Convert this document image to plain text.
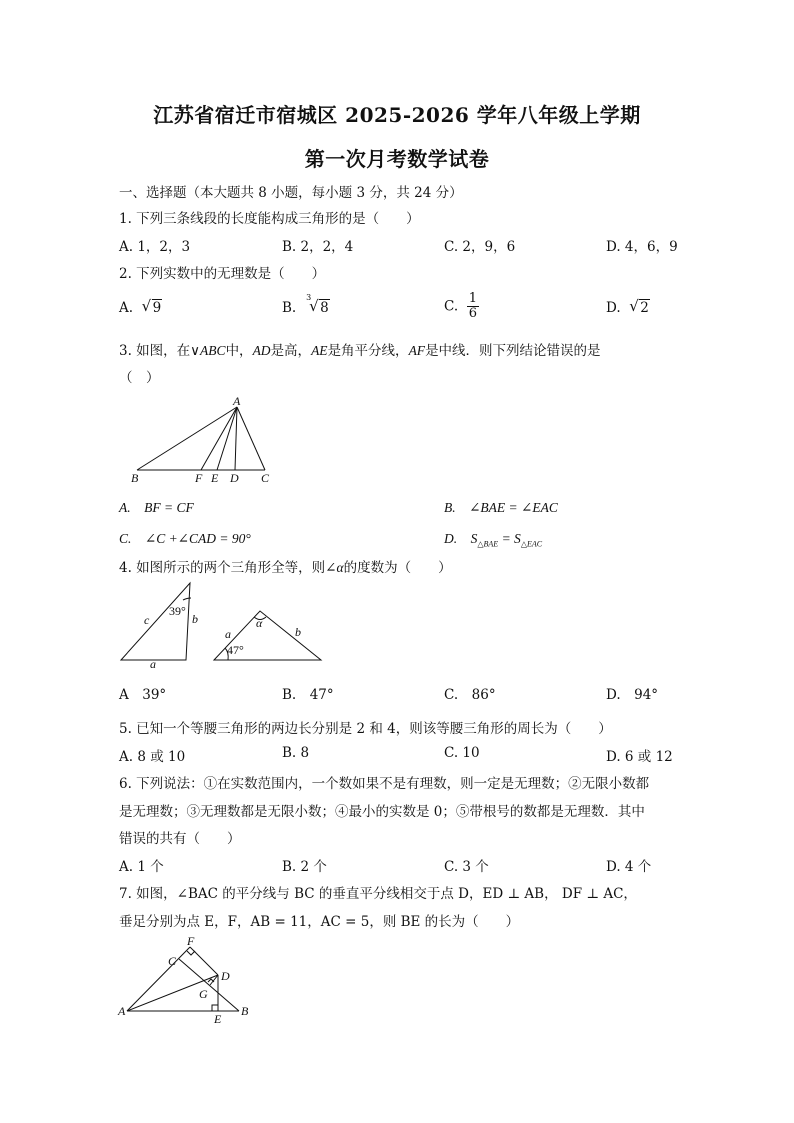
江苏省宿迁市宿城区 2025-2026 学年八年级上学期
第一次月考数学试卷
一、选择题（本大题共 8 小题，每小题 3 分，共 24 分）
1. 下列三条线段的长度能构成三角形的是（　　）
A. 1，2，3	B. 2，2，4	C. 2，9，6	D. 4，6，9
2. 下列实数中的无理数是（　　）
A. √ 9	B.
3
√ 8	C. $\frac{1}{6}$	D. √ 2
3. 如图，在∨ABC中，AD是高，AE是角平分线，AF是中线．则下列结论错误的是
（　）
A
B	F E D C
A.　BF = CF	B.　∠BAE = ∠EAC
C.　∠C +∠CAD = 90°	D.　$S_{\triangle BAE} = S_{\triangle EAC}$
4. 如图所示的两个三角形全等，则∠α的度数为（　　）
c
39°
b
a
a
α
b
47°
A　39°	B.　47°	C.　86°	D.　94°
5. 已知一个等腰三角形的两边长分别是 2 和 4，则该等腰三角形的周长为（　　）
A. 8 或 10	B. 8	C. 10	D. 6 或 12
6. 下列说法：①在实数范围内，一个数如果不是有理数，则一定是无理数；②无限小数都
是无理数；③无理数都是无限小数；④最小的实数是 0；⑤带根号的数都是无理数．其中
错误的共有（　　）
A. 1 个	B. 2 个	C. 3 个	D. 4 个
7. 如图，∠BAC 的平分线与 BC 的垂直平分线相交于点 D，ED ⊥ AB， DF ⊥ AC，
垂足分别为点 E，F，AB = 11，AC = 5，则 BE 的长为（　　）
F
C
D
G
A
E
B
